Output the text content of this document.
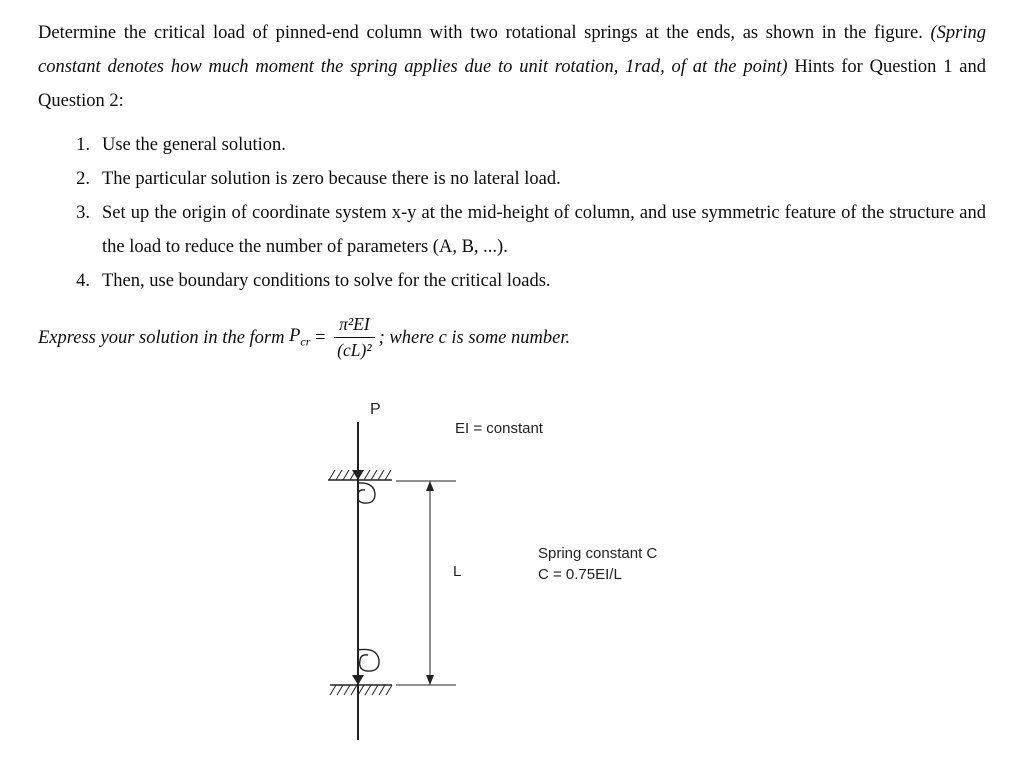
Determine the critical load of pinned-end column with two rotational springs at the ends, as shown in the figure. (Spring constant denotes how much moment the spring applies due to unit rotation, 1rad, of at the point) Hints for Question 1 and Question 2:

1. Use the general solution.
2. The particular solution is zero because there is no lateral load.
3. Set up the origin of coordinate system x-y at the mid-height of column, and use symmetric feature of the structure and the load to reduce the number of parameters (A, B, ...).
4. Then, use boundary conditions to solve for the critical loads.
Express your solution in the form $P_{cr} = \frac{\text{π²EI}}{\text{(cL)²}}$ ; where c is some number.
P
EI = constant
L
Spring constant C
C = 0.75EI/L
